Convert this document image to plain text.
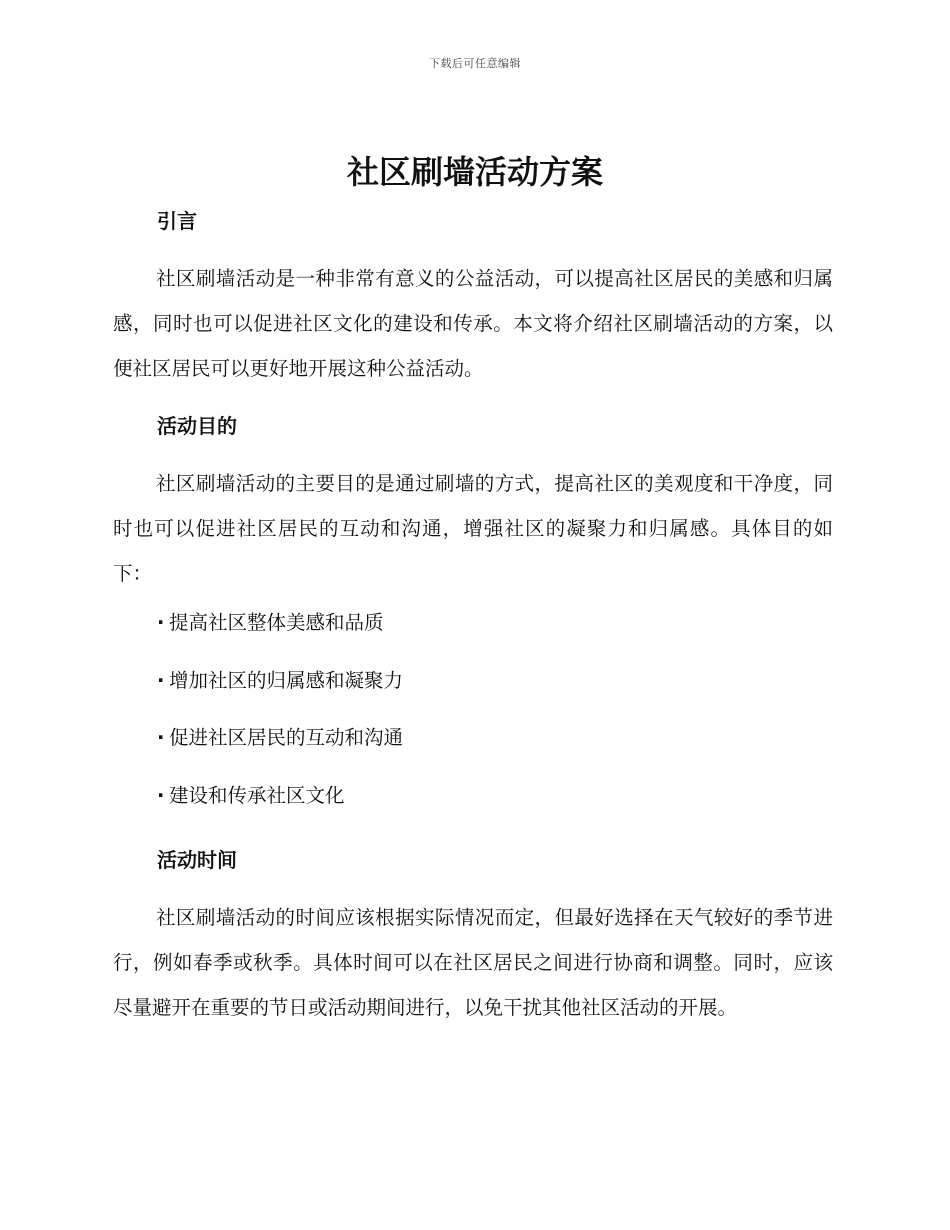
下载后可任意编辑
社区刷墙活动方案
引言

社区刷墙活动是一种非常有意义的公益活动，可以提高社区居民的美感和归属感，同时也可以促进社区文化的建设和传承。本文将介绍社区刷墙活动的方案，以便社区居民可以更好地开展这种公益活动。

活动目的

社区刷墙活动的主要目的是通过刷墙的方式，提高社区的美观度和干净度，同时也可以促进社区居民的互动和沟通，增强社区的凝聚力和归属感。具体目的如下：

· 提高社区整体美感和品质
· 增加社区的归属感和凝聚力
· 促进社区居民的互动和沟通
· 建设和传承社区文化
活动时间

社区刷墙活动的时间应该根据实际情况而定，但最好选择在天气较好的季节进行，例如春季或秋季。具体时间可以在社区居民之间进行协商和调整。同时，应该尽量避开在重要的节日或活动期间进行，以免干扰其他社区活动的开展。
